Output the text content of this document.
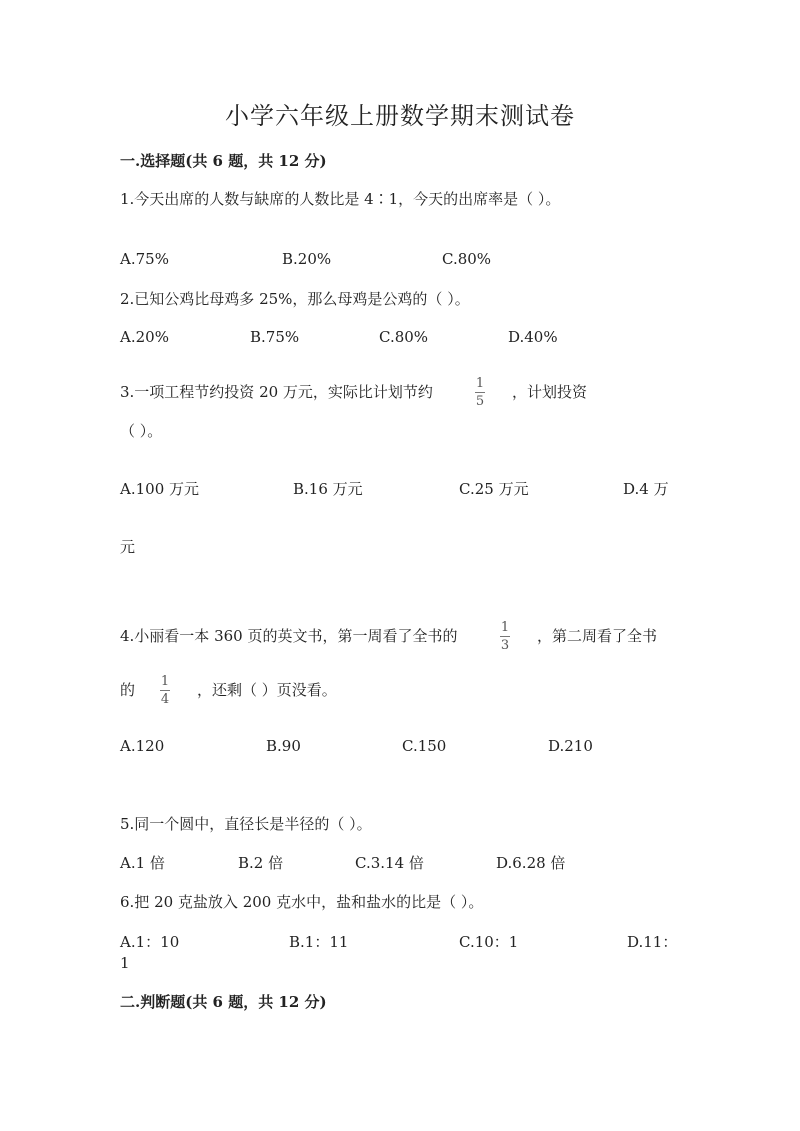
小学六年级上册数学期末测试卷
一.选择题(共 6 题，共 12 分)
1.今天出席的人数与缺席的人数比是 4∶1，今天的出席率是（ ）。
A.75%	B.20%	C.80%
2.已知公鸡比母鸡多 25%，那么母鸡是公鸡的（ ）。
A.20%	B.75%	C.80%	D.40%
3.一项工程节约投资 20 万元，实际比计划节约	1
5
，计划投资
（ ）。
A.100 万元	B.16 万元	C.25 万元	D.4 万
元
4.小丽看一本 360 页的英文书，第一周看了全书的	1
3
，第二周看了全书
的 1
4
，还剩（ ）页没看。
A.120	B.90	C.150	D.210
5.同一个圆中，直径长是半径的（ ）。
A.1 倍	B.2 倍	C.3.14 倍	D.6.28 倍
6.把 20 克盐放入 200 克水中，盐和盐水的比是（ ）。
A.1：10	B.1：11	C.10：1	D.11：
1
二.判断题(共 6 题，共 12 分)
